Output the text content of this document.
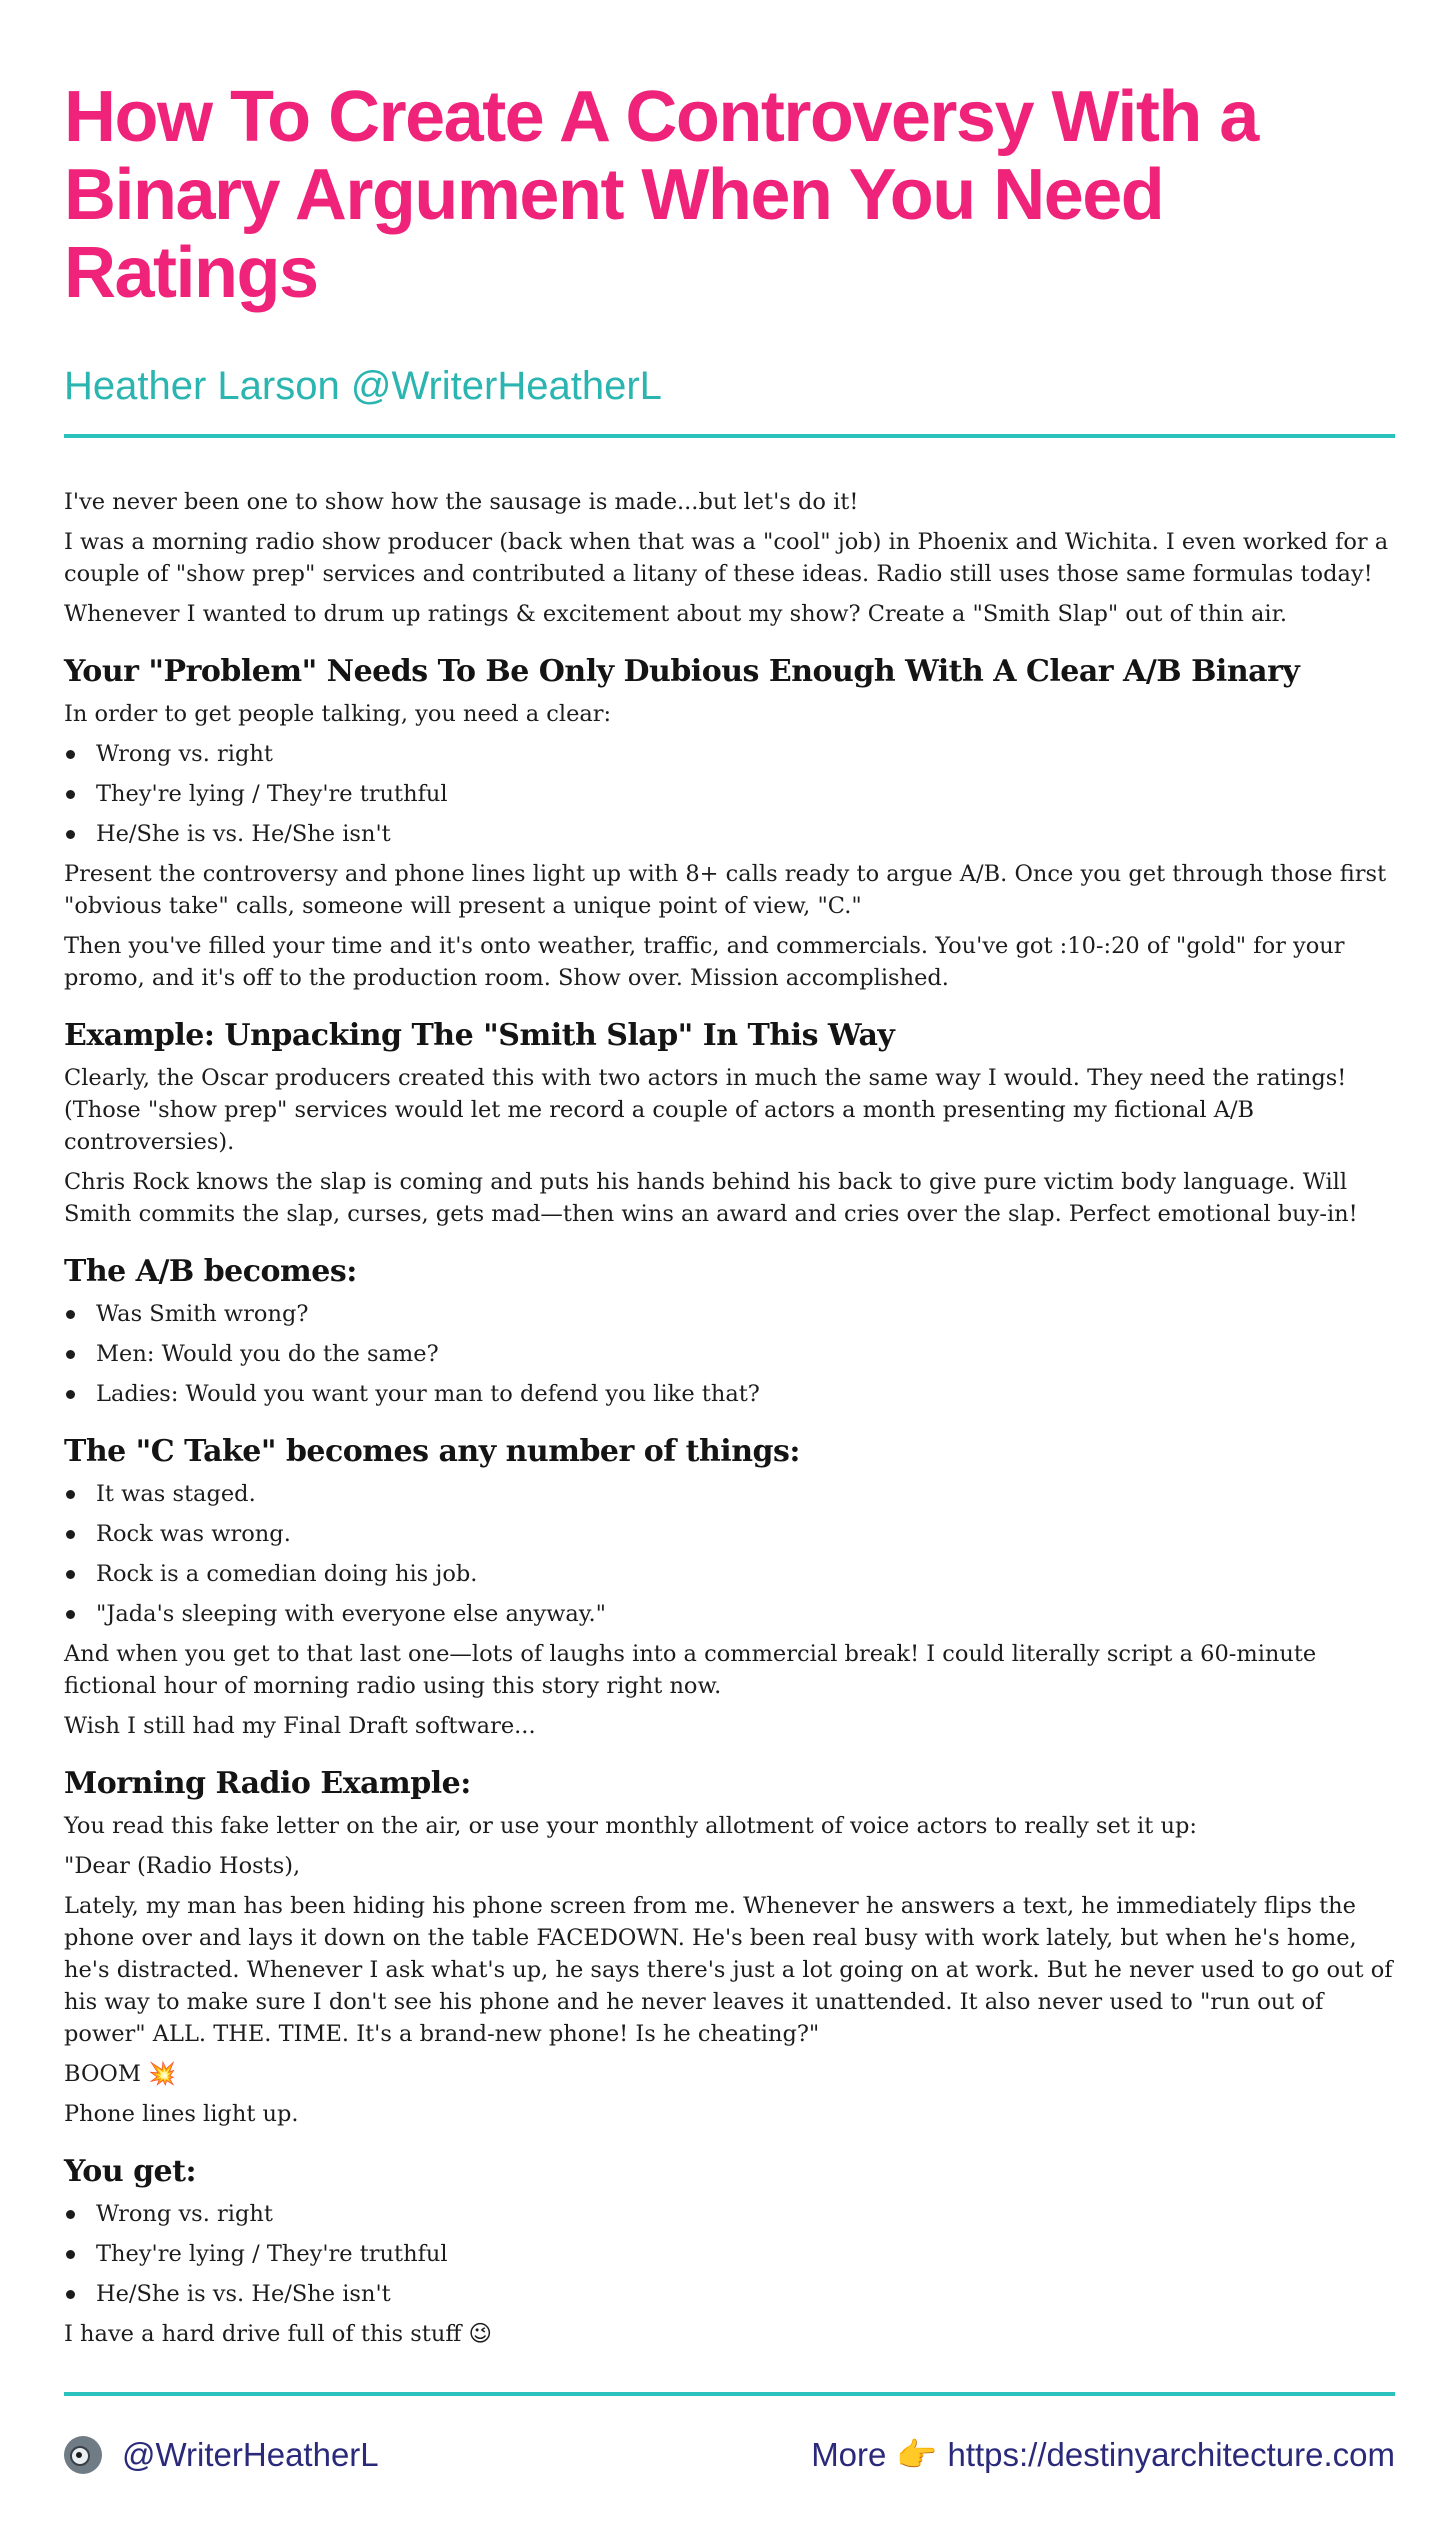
How To Create A Controversy With a Binary Argument When You Need Ratings
Heather Larson @WriterHeatherL

I've never been one to show how the sausage is made...but let's do it!

I was a morning radio show producer (back when that was a "cool" job) in Phoenix and Wichita. I even worked for a couple of "show prep" services and contributed a litany of these ideas. Radio still uses those same formulas today!

Whenever I wanted to drum up ratings & excitement about my show? Create a "Smith Slap" out of thin air.

Your "Problem" Needs To Be Only Dubious Enough With A Clear A/B Binary

In order to get people talking, you need a clear:

Wrong vs. right
They're lying / They're truthful
He/She is vs. He/She isn't

Present the controversy and phone lines light up with 8+ calls ready to argue A/B. Once you get through those first "obvious take" calls, someone will present a unique point of view, "C."

Then you've filled your time and it's onto weather, traffic, and commercials. You've got :10-:20 of "gold" for your promo, and it's off to the production room. Show over. Mission accomplished.

Example: Unpacking The "Smith Slap" In This Way

Clearly, the Oscar producers created this with two actors in much the same way I would. They need the ratings! (Those "show prep" services would let me record a couple of actors a month presenting my fictional A/B controversies).

Chris Rock knows the slap is coming and puts his hands behind his back to give pure victim body language. Will Smith commits the slap, curses, gets mad—then wins an award and cries over the slap. Perfect emotional buy-in!

The A/B becomes:
Was Smith wrong?
Men: Would you do the same?
Ladies: Would you want your man to defend you like that?
The "C Take" becomes any number of things:
It was staged.
Rock was wrong.
Rock is a comedian doing his job.
"Jada's sleeping with everyone else anyway."

And when you get to that last one—lots of laughs into a commercial break! I could literally script a 60-minute fictional hour of morning radio using this story right now.

Wish I still had my Final Draft software...

Morning Radio Example:

You read this fake letter on the air, or use your monthly allotment of voice actors to really set it up:

"Dear (Radio Hosts),

Lately, my man has been hiding his phone screen from me. Whenever he answers a text, he immediately flips the phone over and lays it down on the table FACEDOWN. He's been real busy with work lately, but when he's home, he's distracted. Whenever I ask what's up, he says there's just a lot going on at work. But he never used to go out of his way to make sure I don't see his phone and he never leaves it unattended. It also never used to "run out of power" ALL. THE. TIME. It's a brand-new phone! Is he cheating?"

BOOM 💥

Phone lines light up.

You get:
Wrong vs. right
They're lying / They're truthful
He/She is vs. He/She isn't

I have a hard drive full of this stuff 😉

@WriterHeatherL	More 👉 https://destinyarchitecture.com
